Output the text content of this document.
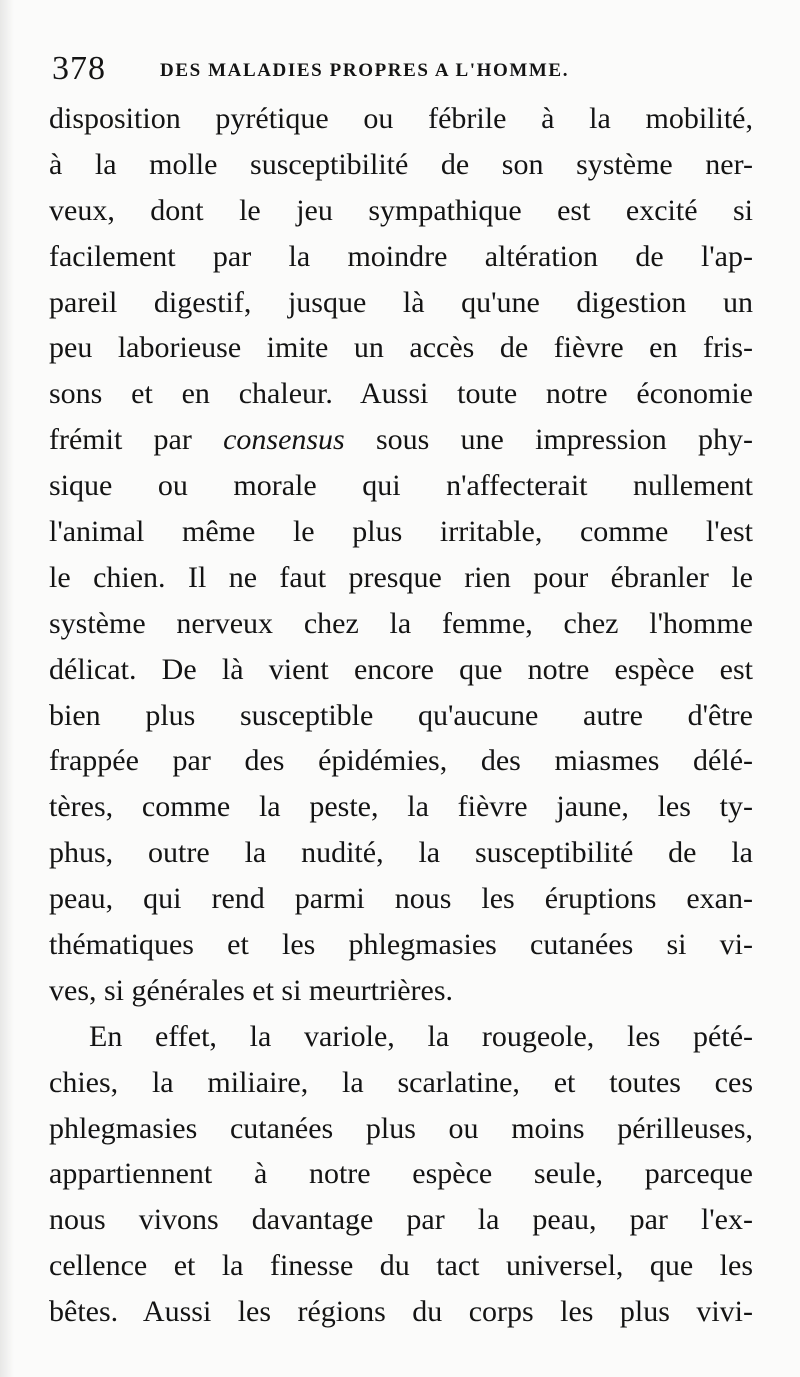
378	DES MALADIES PROPRES A L'HOMME.
disposition pyrétique ou fébrile à la mobilité,
à la molle susceptibilité de son système ner-
veux, dont le jeu sympathique est excité si
facilement par la moindre altération de l'ap-
pareil digestif, jusque là qu'une digestion un
peu laborieuse imite un accès de fièvre en fris-
sons et en chaleur. Aussi toute notre économie
frémit par consensus sous une impression phy-
sique ou morale qui n'affecterait nullement
l'animal même le plus irritable, comme l'est
le chien. Il ne faut presque rien pour ébranler le
système nerveux chez la femme, chez l'homme
délicat. De là vient encore que notre espèce est
bien plus susceptible qu'aucune autre d'être
frappée par des épidémies, des miasmes délé-
tères, comme la peste, la fièvre jaune, les ty-
phus, outre la nudité, la susceptibilité de la
peau, qui rend parmi nous les éruptions exan-
thématiques et les phlegmasies cutanées si vi-
ves, si générales et si meurtrières.
En effet, la variole, la rougeole, les pété-
chies, la miliaire, la scarlatine, et toutes ces
phlegmasies cutanées plus ou moins périlleuses,
appartiennent à notre espèce seule, parceque
nous vivons davantage par la peau, par l'ex-
cellence et la finesse du tact universel, que les
bêtes. Aussi les régions du corps les plus vivi-
